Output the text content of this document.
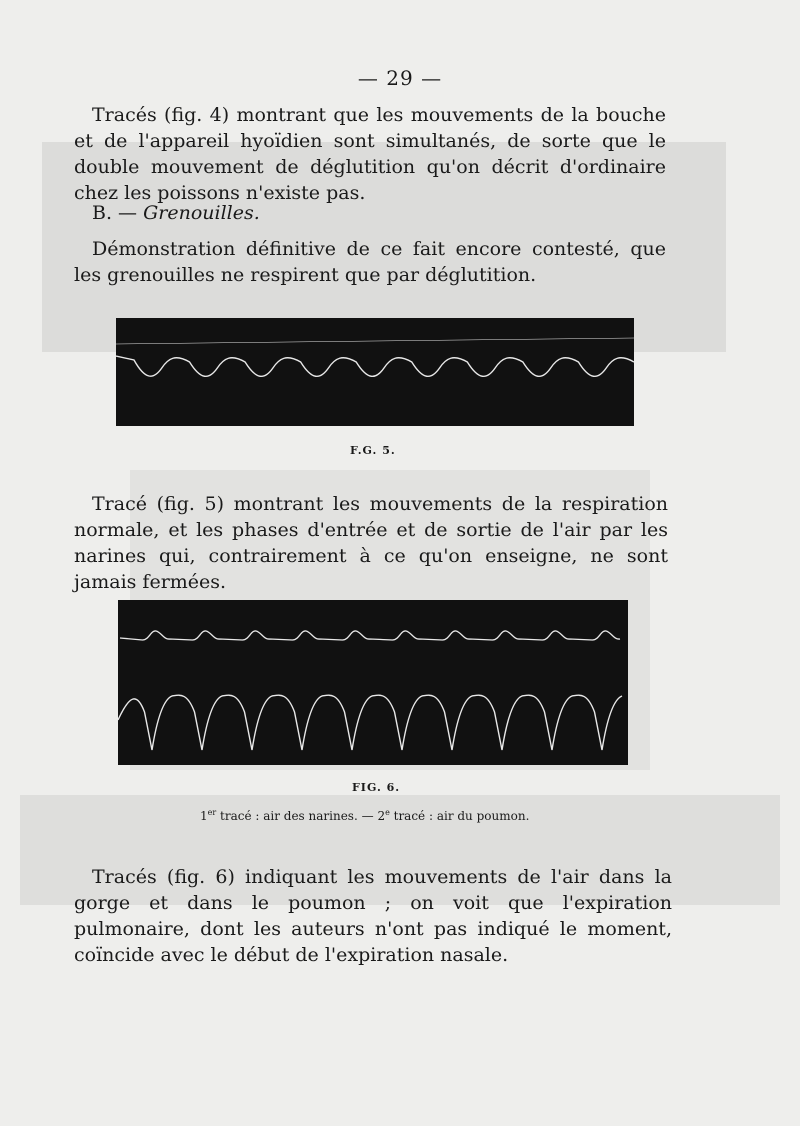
— 29 —

Tracés (fig. 4) montrant que les mouvements de la bouche et de l'appareil hyoïdien sont simultanés, de sorte que le double mouvement de déglutition qu'on décrit d'ordinaire chez les poissons n'existe pas.

B. — Grenouilles.

Démonstration définitive de ce fait encore contesté, que les grenouilles ne respirent que par déglutition.

F.G. 5.

Tracé (fig. 5) montrant les mouvements de la respiration normale, et les phases d'entrée et de sortie de l'air par les narines qui, contrairement à ce qu'on enseigne, ne sont jamais fermées.

FIG. 6.
1er tracé : air des narines. — 2e tracé : air du poumon.

Tracés (fig. 6) indiquant les mouvements de l'air dans la gorge et dans le poumon ; on voit que l'expiration pulmonaire, dont les auteurs n'ont pas indiqué le moment, coïncide avec le début de l'expiration nasale.
